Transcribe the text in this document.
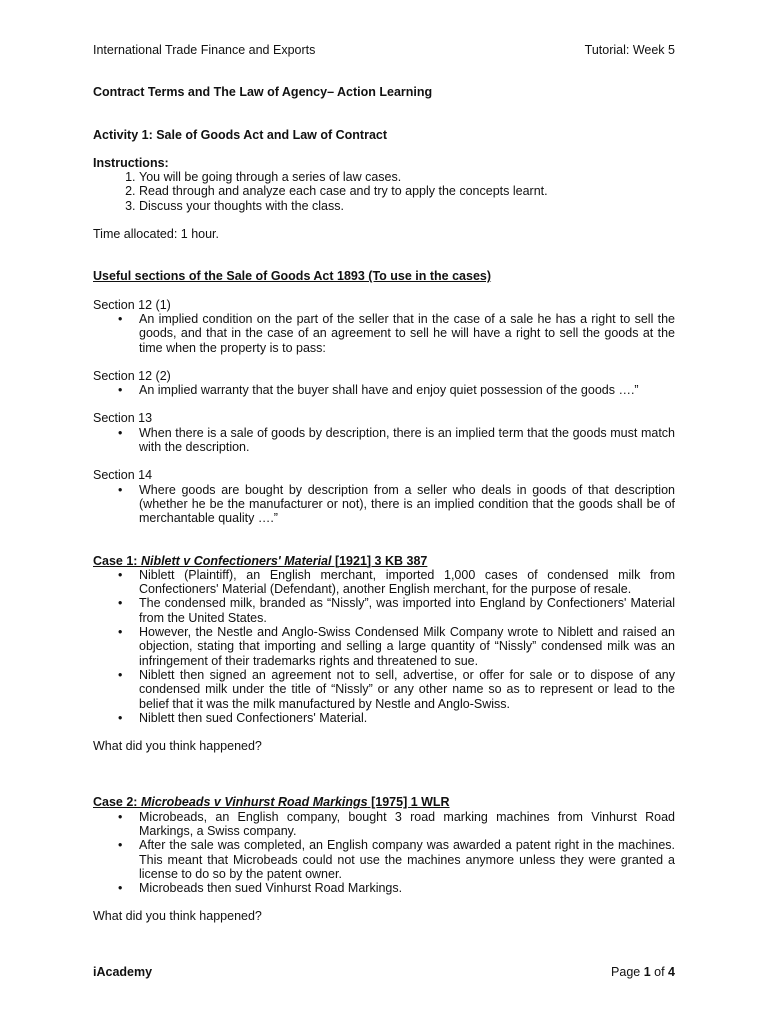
International Trade Finance and Exports	Tutorial: Week 5

Contract Terms and The Law of Agency– Action Learning

Activity 1: Sale of Goods Act and Law of Contract

Instructions:

1. You will be going through a series of law cases.
2. Read through and analyze each case and try to apply the concepts learnt.
3. Discuss your thoughts with the class.

Time allocated: 1 hour.

Useful sections of the Sale of Goods Act 1893 (To use in the cases)

Section 12 (1)

• An implied condition on the part of the seller that in the case of a sale he has a right to sell the goods, and that in the case of an agreement to sell he will have a right to sell the goods at the time when the property is to pass:

Section 12 (2)

• An implied warranty that the buyer shall have and enjoy quiet possession of the goods ….”

Section 13

• When there is a sale of goods by description, there is an implied term that the goods must match with the description.

Section 14

• Where goods are bought by description from a seller who deals in goods of that description (whether he be the manufacturer or not), there is an implied condition that the goods shall be of merchantable quality ….”

Case 1: Niblett v Confectioners' Material [1921] 3 KB 387

• Niblett (Plaintiff), an English merchant, imported 1,000 cases of condensed milk from Confectioners' Material (Defendant), another English merchant, for the purpose of resale.
• The condensed milk, branded as “Nissly”, was imported into England by Confectioners' Material from the United States.
• However, the Nestle and Anglo-Swiss Condensed Milk Company wrote to Niblett and raised an objection, stating that importing and selling a large quantity of “Nissly” condensed milk was an infringement of their trademarks rights and threatened to sue.
• Niblett then signed an agreement not to sell, advertise, or offer for sale or to dispose of any condensed milk under the title of “Nissly” or any other name so as to represent or lead to the belief that it was the milk manufactured by Nestle and Anglo-Swiss.
• Niblett then sued Confectioners' Material.

What did you think happened?

Case 2: Microbeads v Vinhurst Road Markings [1975] 1 WLR

• Microbeads, an English company, bought 3 road marking machines from Vinhurst Road Markings, a Swiss company.
• After the sale was completed, an English company was awarded a patent right in the machines. This meant that Microbeads could not use the machines anymore unless they were granted a license to do so by the patent owner.
• Microbeads then sued Vinhurst Road Markings.

What did you think happened?

iAcademy	Page 1 of 4
